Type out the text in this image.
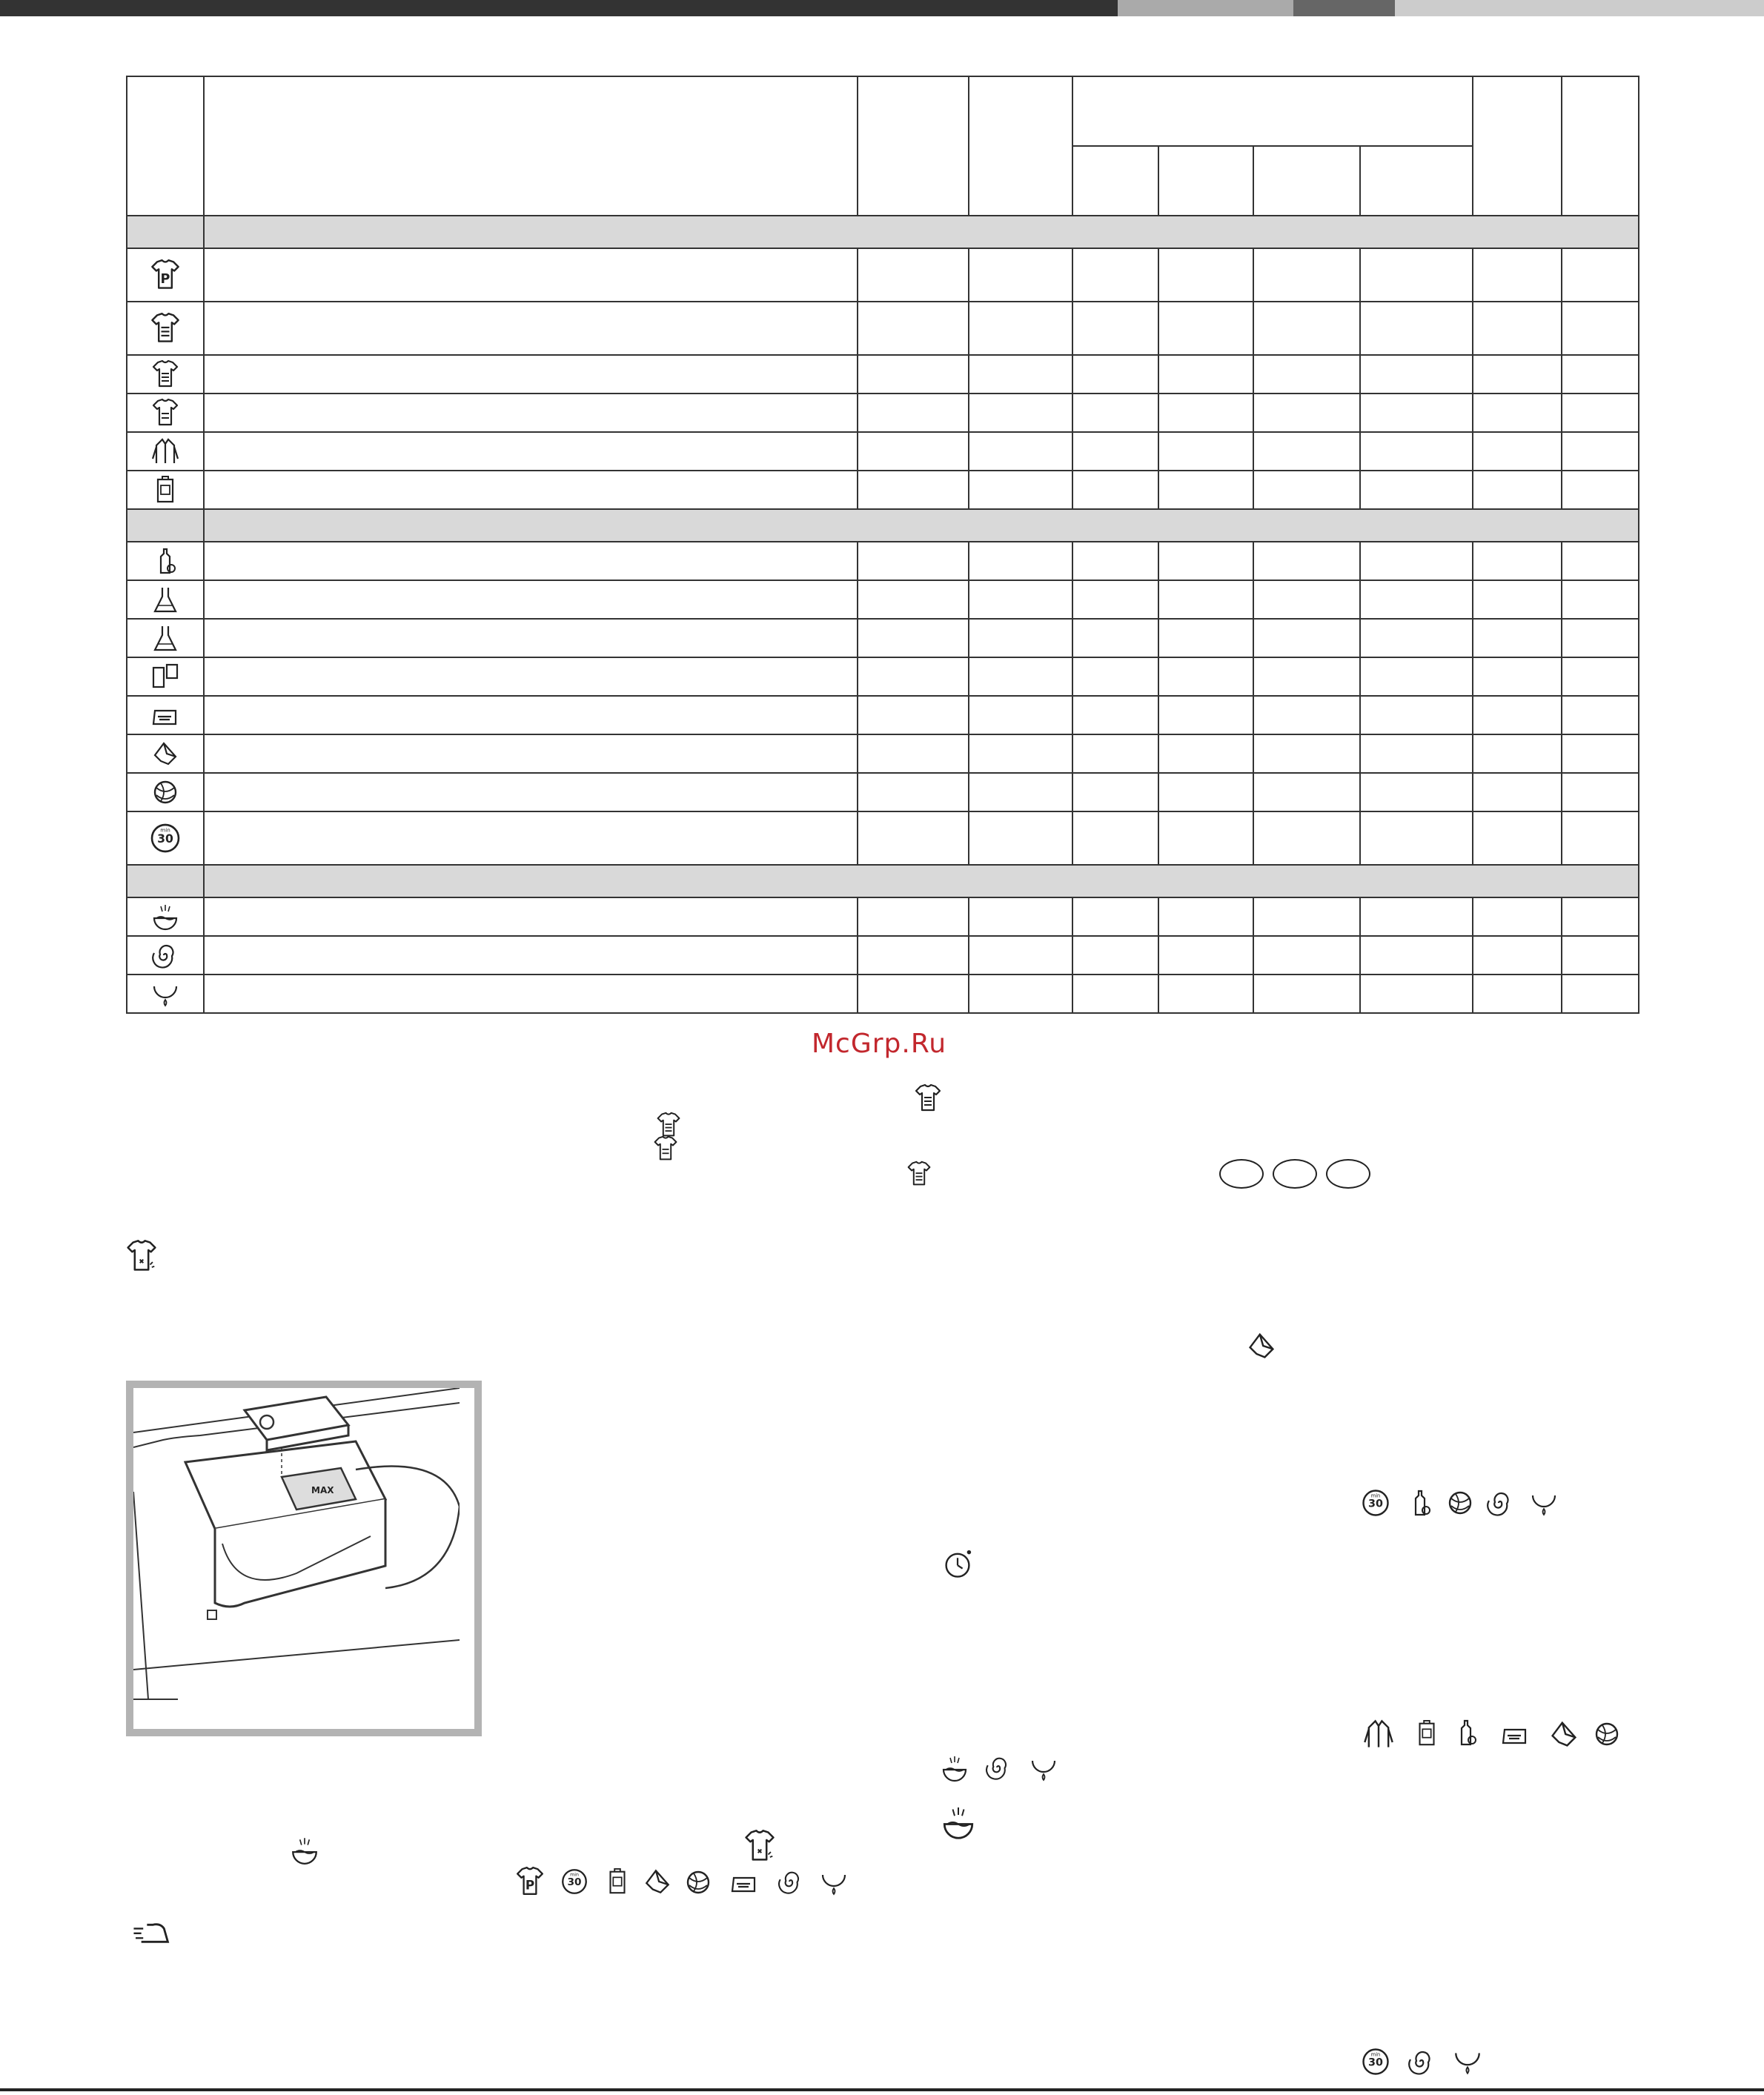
McGrp.Ru
MAX
